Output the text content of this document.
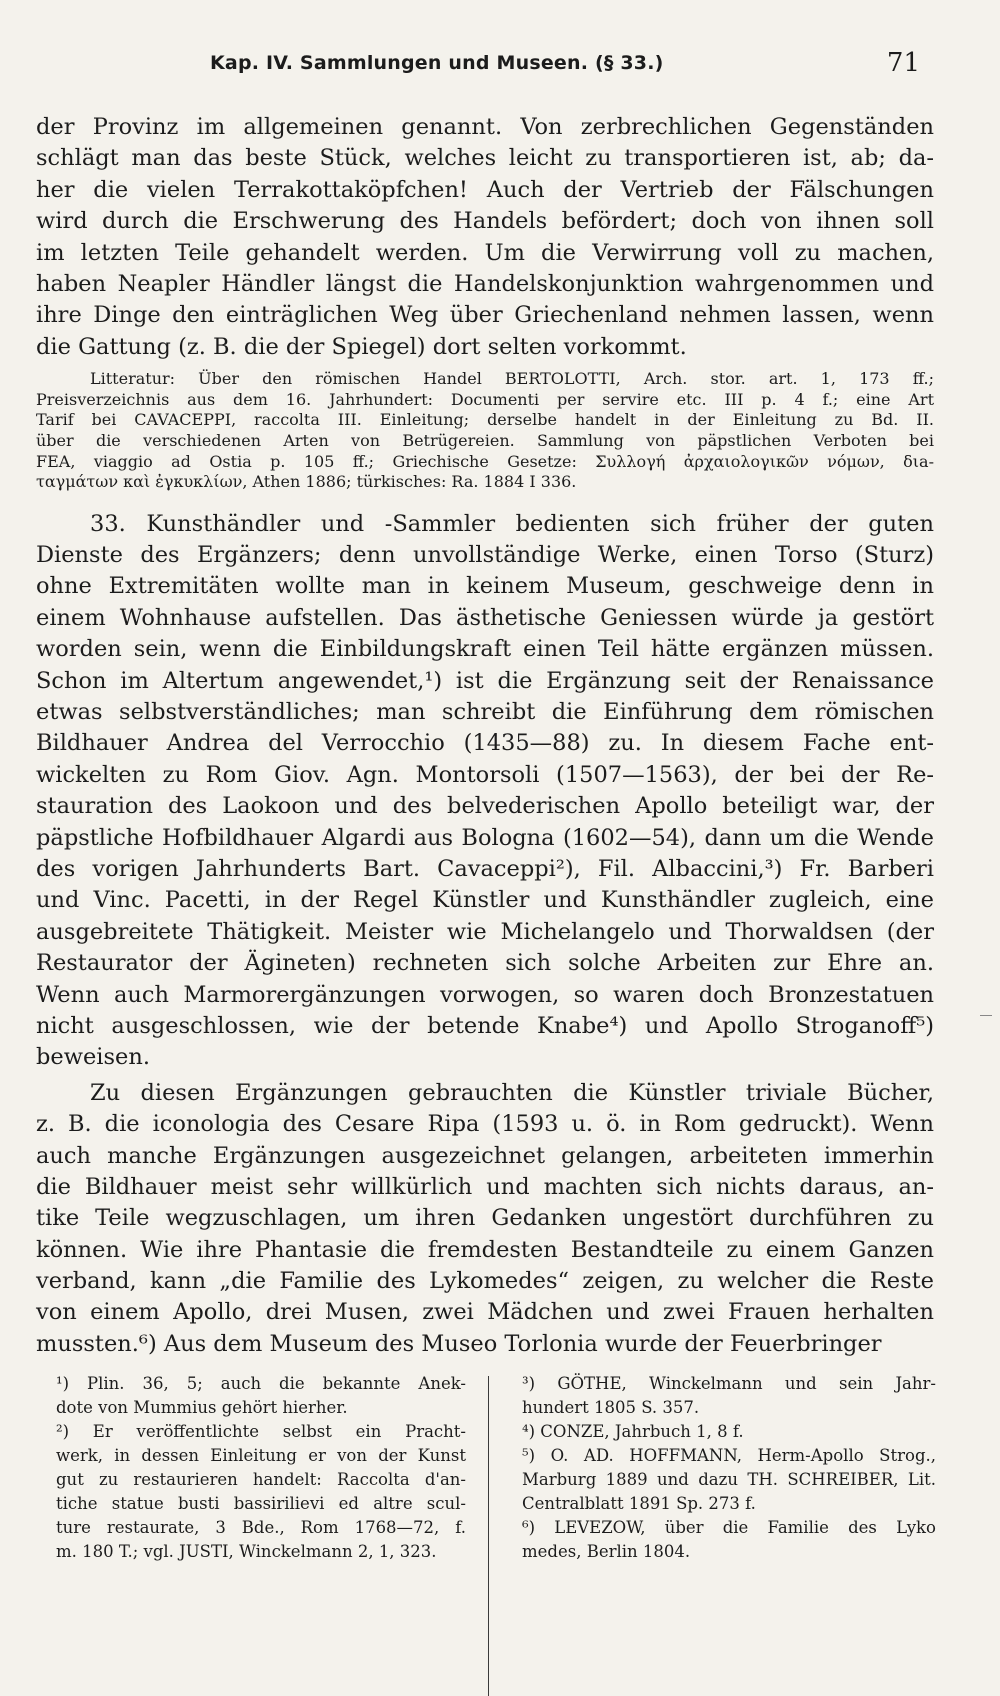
Kap. IV. Sammlungen und Museen. (§ 33.)	71
der Provinz im allgemeinen genannt. Von zerbrechlichen Gegenständen
schlägt man das beste Stück, welches leicht zu transportieren ist, ab; da-
her die vielen Terrakottaköpfchen! Auch der Vertrieb der Fälschungen
wird durch die Erschwerung des Handels befördert; doch von ihnen soll
im letzten Teile gehandelt werden. Um die Verwirrung voll zu machen,
haben Neapler Händler längst die Handelskonjunktion wahrgenommen und
ihre Dinge den einträglichen Weg über Griechenland nehmen lassen, wenn
die Gattung (z. B. die der Spiegel) dort selten vorkommt.
Litteratur: Über den römischen Handel BERTOLOTTI, Arch. stor. art. 1, 173 ff.;
Preisverzeichnis aus dem 16. Jahrhundert: Documenti per servire etc. III p. 4 f.; eine Art
Tarif bei CAVACEPPI, raccolta III. Einleitung; derselbe handelt in der Einleitung zu Bd. II.
über die verschiedenen Arten von Betrügereien. Sammlung von päpstlichen Verboten bei
FEA, viaggio ad Ostia p. 105 ff.; Griechische Gesetze: Συλλογή ἀρχαιολογικῶν νόμων, διa-
ταγμάτων καὶ ἐγκυκλίων, Athen 1886; türkisches: Ra. 1884 I 336.
33. Kunsthändler und -Sammler bedienten sich früher der guten
Dienste des Ergänzers; denn unvollständige Werke, einen Torso (Sturz)
ohne Extremitäten wollte man in keinem Museum, geschweige denn in
einem Wohnhause aufstellen. Das ästhetische Geniessen würde ja gestört
worden sein, wenn die Einbildungskraft einen Teil hätte ergänzen müssen.
Schon im Altertum angewendet,¹) ist die Ergänzung seit der Renaissance
etwas selbstverständliches; man schreibt die Einführung dem römischen
Bildhauer Andrea del Verrocchio (1435—88) zu. In diesem Fache ent-
wickelten zu Rom Giov. Agn. Montorsoli (1507—1563), der bei der Re-
stauration des Laokoon und des belvederischen Apollo beteiligt war, der
päpstliche Hofbildhauer Algardi aus Bologna (1602—54), dann um die Wende
des vorigen Jahrhunderts Bart. Cavaceppi²), Fil. Albaccini,³) Fr. Barberi
und Vinc. Pacetti, in der Regel Künstler und Kunsthändler zugleich, eine
ausgebreitete Thätigkeit. Meister wie Michelangelo und Thorwaldsen (der
Restaurator der Ägineten) rechneten sich solche Arbeiten zur Ehre an.
Wenn auch Marmorergänzungen vorwogen, so waren doch Bronzestatuen
nicht ausgeschlossen, wie der betende Knabe⁴) und Apollo Stroganoff⁵)
beweisen.
Zu diesen Ergänzungen gebrauchten die Künstler triviale Bücher,
z. B. die iconologia des Cesare Ripa (1593 u. ö. in Rom gedruckt). Wenn
auch manche Ergänzungen ausgezeichnet gelangen, arbeiteten immerhin
die Bildhauer meist sehr willkürlich und machten sich nichts daraus, an-
tike Teile wegzuschlagen, um ihren Gedanken ungestört durchführen zu
können. Wie ihre Phantasie die fremdesten Bestandteile zu einem Ganzen
verband, kann „die Familie des Lykomedes“ zeigen, zu welcher die Reste
von einem Apollo, drei Musen, zwei Mädchen und zwei Frauen herhalten
mussten.⁶) Aus dem Museum des Museo Torlonia wurde der Feuerbringer
¹) Plin. 36, 5; auch die bekannte Anek-
dote von Mummius gehört hierher.
²) Er veröffentlichte selbst ein Pracht-
werk, in dessen Einleitung er von der Kunst
gut zu restaurieren handelt: Raccolta d'an-
tiche statue busti bassirilievi ed altre scul-
ture restaurate, 3 Bde., Rom 1768—72, f.
m. 180 T.; vgl. JUSTI, Winckelmann 2, 1, 323.
³) GÖTHE, Winckelmann und sein Jahr-
hundert 1805 S. 357.
⁴) CONZE, Jahrbuch 1, 8 f.
⁵) O. AD. HOFFMANN, Herm-Apollo Strog.,
Marburg 1889 und dazu TH. SCHREIBER, Lit.
Centralblatt 1891 Sp. 273 f.
⁶) LEVEZOW, über die Familie des Lyko
medes, Berlin 1804.
